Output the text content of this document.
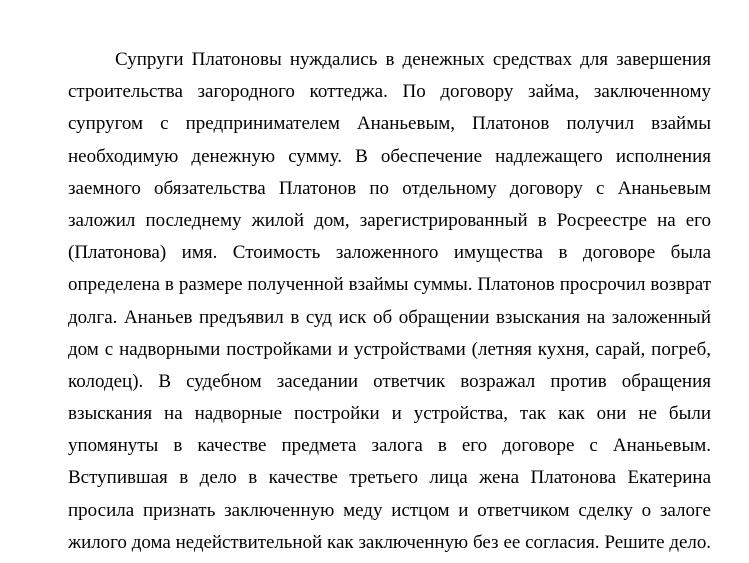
Супруги Платоновы нуждались в денежных средствах для завершения
строительства загородного коттеджа. По договору займа, заключенному
супругом с предпринимателем Ананьевым, Платонов получил взаймы
необходимую денежную сумму. В обеспечение надлежащего исполнения
заемного обязательства Платонов по отдельному договору с Ананьевым
заложил последнему жилой дом, зарегистрированный в Росреестре на его
(Платонова) имя. Стоимость заложенного имущества в договоре была
определена в размере полученной взаймы суммы. Платонов просрочил возврат
долга. Ананьев предъявил в суд иск об обращении взыскания на заложенный
дом с надворными постройками и устройствами (летняя кухня, сарай, погреб,
колодец). В судебном заседании ответчик возражал против обращения
взыскания на надворные постройки и устройства, так как они не были
упомянуты в качестве предмета залога в его договоре с Ананьевым.
Вступившая в дело в качестве третьего лица жена Платонова Екатерина
просила признать заключенную меду истцом и ответчиком сделку о залоге
жилого дома недействительной как заключенную без ее согласия. Решите дело.
